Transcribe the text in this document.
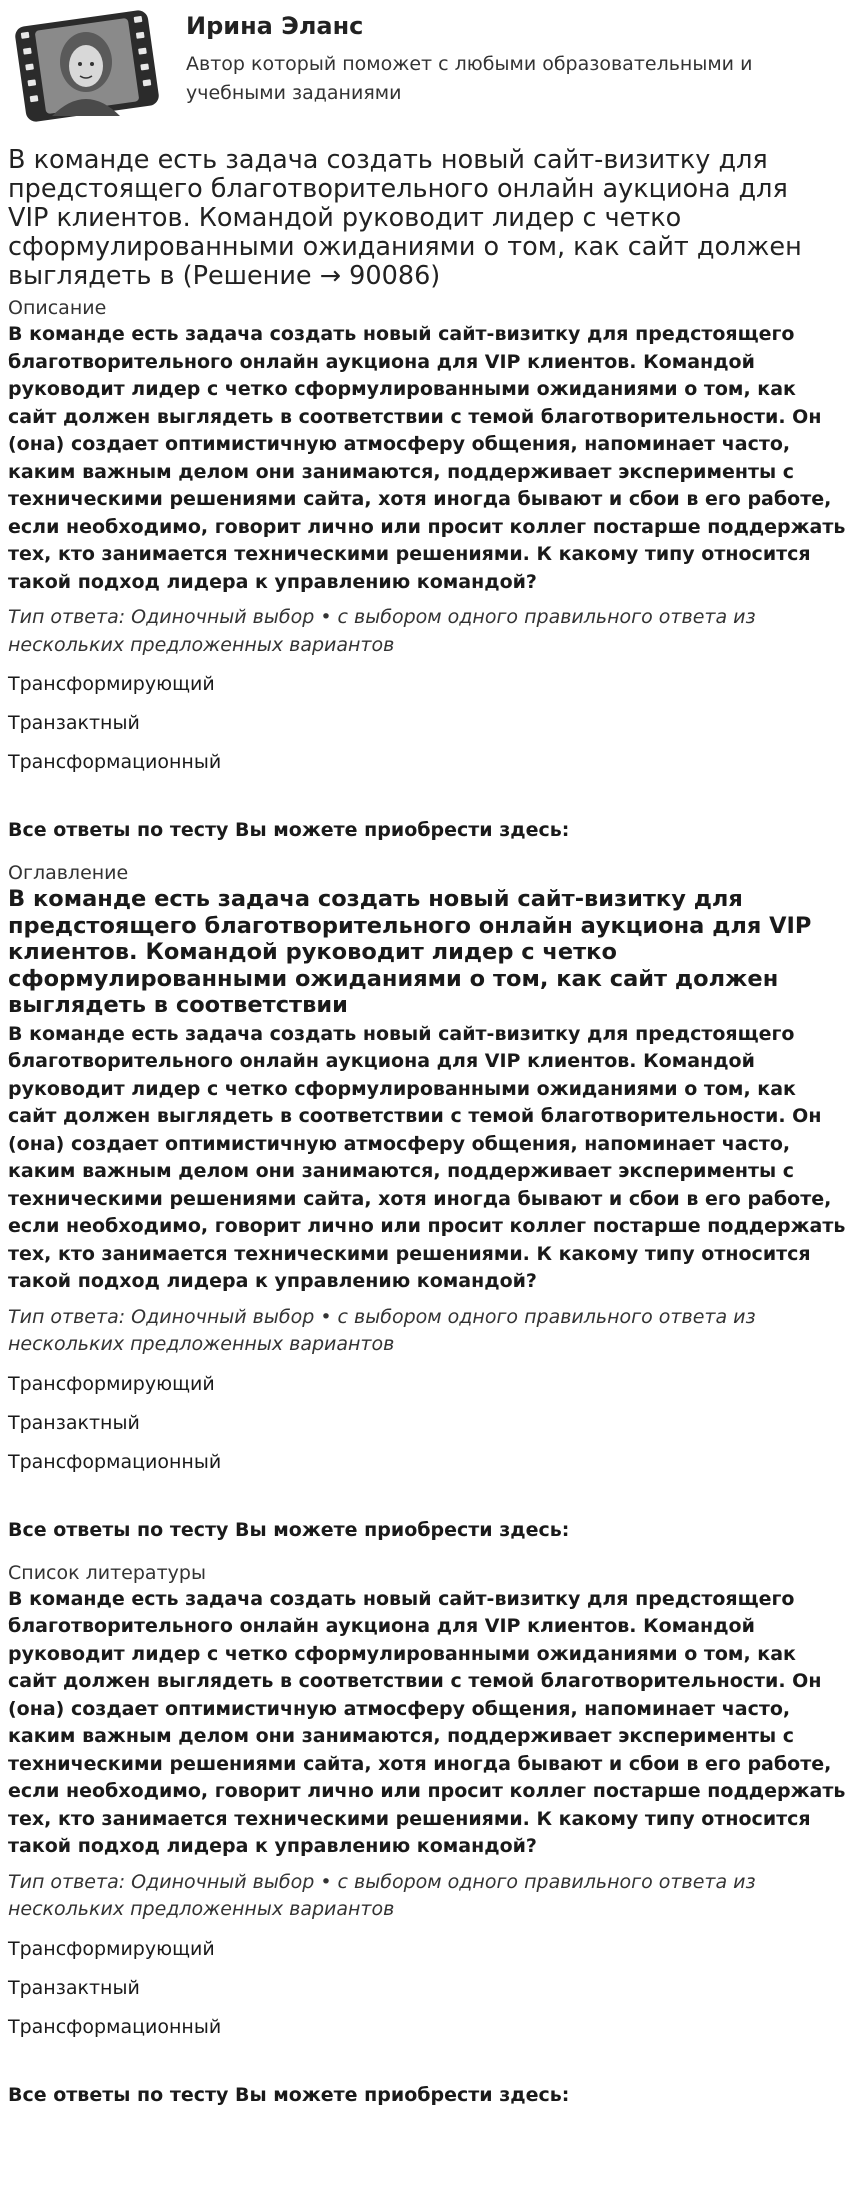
Ирина Эланс
Автор который поможет с любыми образовательными и учебными заданиями
В команде есть задача создать новый сайт-визитку для предстоящего благотворительного онлайн аукциона для VIP клиентов. Командой руководит лидер с четко сформулированными ожиданиями о том, как сайт должен выглядеть в (Решение → 90086)

Описание

В команде есть задача создать новый сайт-визитку для предстоящего благотворительного онлайн аукциона для VIP клиентов. Командой руководит лидер с четко сформулированными ожиданиями о том, как сайт должен выглядеть в соответствии с темой благотворительности. Он (она) создает оптимистичную атмосферу общения, напоминает часто, каким важным делом они занимаются, поддерживает эксперименты с техническими решениями сайта, хотя иногда бывают и сбои в его работе, если необходимо, говорит лично или просит коллег постарше поддержать тех, кто занимается техническими решениями. К какому типу относится такой подход лидера к управлению командой?

Тип ответа: Одиночный выбор • с выбором одного правильного ответа из нескольких предложенных вариантов

Трансформирующий
Транзактный
Трансформационный

Все ответы по тесту Вы можете приобрести здесь:

Оглавление

В команде есть задача создать новый сайт-визитку для предстоящего благотворительного онлайн аукциона для VIP клиентов. Командой руководит лидер с четко сформулированными ожиданиями о том, как сайт должен выглядеть в соответствии

В команде есть задача создать новый сайт-визитку для предстоящего благотворительного онлайн аукциона для VIP клиентов. Командой руководит лидер с четко сформулированными ожиданиями о том, как сайт должен выглядеть в соответствии с темой благотворительности. Он (она) создает оптимистичную атмосферу общения, напоминает часто, каким важным делом они занимаются, поддерживает эксперименты с техническими решениями сайта, хотя иногда бывают и сбои в его работе, если необходимо, говорит лично или просит коллег постарше поддержать тех, кто занимается техническими решениями. К какому типу относится такой подход лидера к управлению командой?

Тип ответа: Одиночный выбор • с выбором одного правильного ответа из нескольких предложенных вариантов

Трансформирующий
Транзактный
Трансформационный

Все ответы по тесту Вы можете приобрести здесь:

Список литературы

В команде есть задача создать новый сайт-визитку для предстоящего благотворительного онлайн аукциона для VIP клиентов. Командой руководит лидер с четко сформулированными ожиданиями о том, как сайт должен выглядеть в соответствии с темой благотворительности. Он (она) создает оптимистичную атмосферу общения, напоминает часто, каким важным делом они занимаются, поддерживает эксперименты с техническими решениями сайта, хотя иногда бывают и сбои в его работе, если необходимо, говорит лично или просит коллег постарше поддержать тех, кто занимается техническими решениями. К какому типу относится такой подход лидера к управлению командой?

Тип ответа: Одиночный выбор • с выбором одного правильного ответа из нескольких предложенных вариантов

Трансформирующий
Транзактный
Трансформационный

Все ответы по тесту Вы можете приобрести здесь:
